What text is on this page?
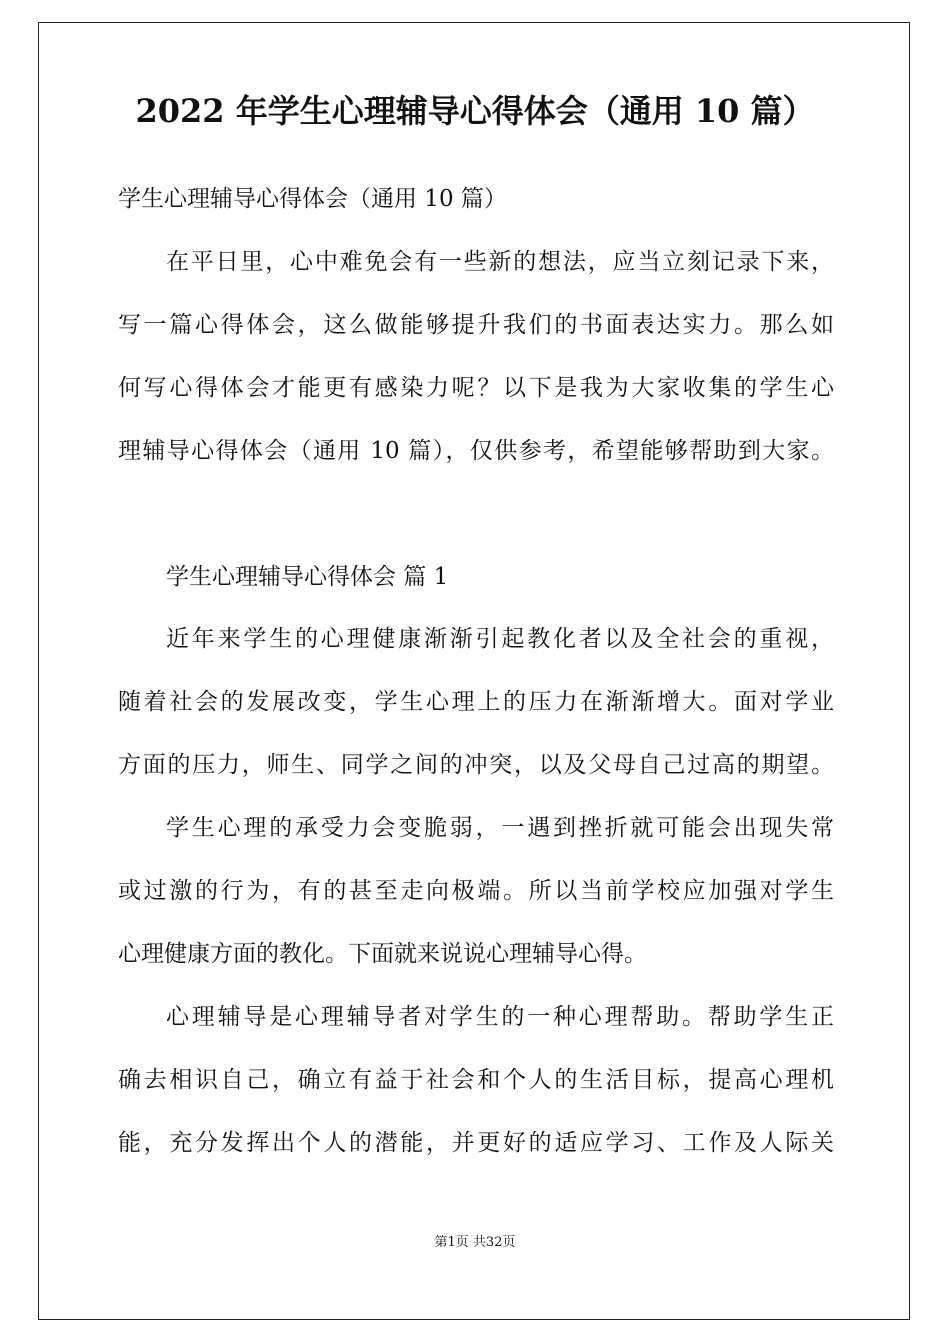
2022 年学生心理辅导心得体会（通用 10 篇）
学生心理辅导心得体会（通用 10 篇）
在平日里，心中难免会有一些新的想法，应当立刻记录下来，
写一篇心得体会，这么做能够提升我们的书面表达实力。那么如
何写心得体会才能更有感染力呢？以下是我为大家收集的学生心
理辅导心得体会（通用 10 篇），仅供参考，希望能够帮助到大家。
学生心理辅导心得体会 篇 1
近年来学生的心理健康渐渐引起教化者以及全社会的重视，
随着社会的发展改变，学生心理上的压力在渐渐增大。面对学业
方面的压力，师生、同学之间的冲突，以及父母自己过高的期望。
学生心理的承受力会变脆弱，一遇到挫折就可能会出现失常
或过激的行为，有的甚至走向极端。所以当前学校应加强对学生
心理健康方面的教化。下面就来说说心理辅导心得。
心理辅导是心理辅导者对学生的一种心理帮助。帮助学生正
确去相识自己，确立有益于社会和个人的生活目标，提高心理机
能，充分发挥出个人的潜能，并更好的适应学习、工作及人际关
第1页 共32页
